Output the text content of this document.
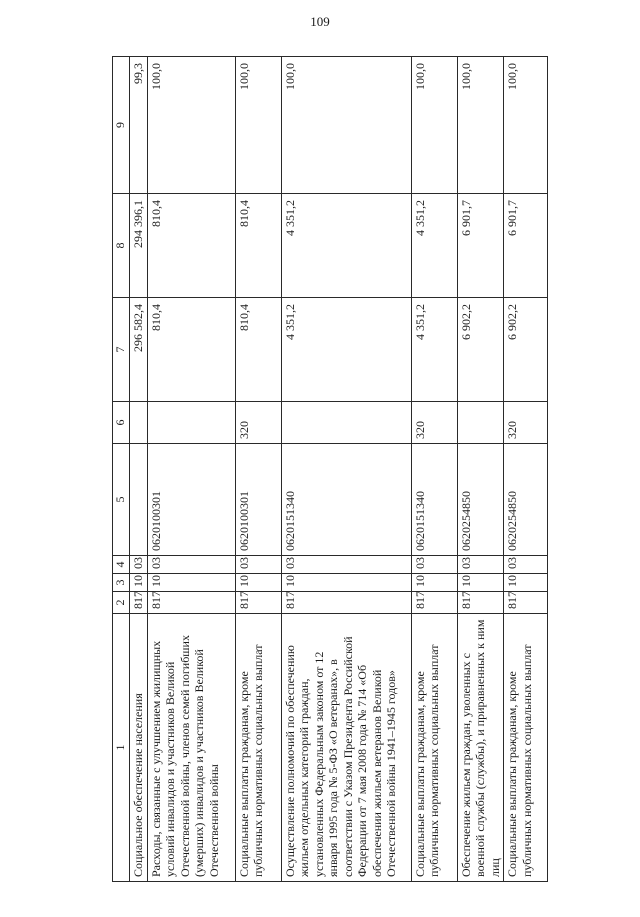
109
1	2	3	4	5	6	7	8	9
Социальное обеспечение населения	817	10	03			296 582,4	294 396,1	99,3
Расходы, связанные с улучшением жилищных условий инвалидов и участников Великой Отечественной войны, членов семей погибших (умерших) инвалидов и участников Великой Отечественной войны	817	10	03	0620100301		810,4	810,4	100,0
Социальные выплаты гражданам, кроме публичных нормативных социальных выплат	817	10	03	0620100301	320	810,4	810,4	100,0
Осуществление полномочий по обеспечению жильем отдельных категорий граждан, установленных Федеральным законом от 12 января 1995 года № 5-ФЗ «О ветеранах», в соответствии с Указом Президента Российской Федерации от 7 мая 2008 года № 714 «Об обеспечении жильем ветеранов Великой Отечественной войны 1941–1945 годов»	817	10	03	0620151340		4 351,2	4 351,2	100,0
Социальные выплаты гражданам, кроме публичных нормативных социальных выплат	817	10	03	0620151340	320	4 351,2	4 351,2	100,0
Обеспечение жильем граждан, уволенных с военной службы (службы), и приравненных к ним лиц	817	10	03	0620254850		6 902,2	6 901,7	100,0
Социальные выплаты гражданам, кроме публичных нормативных социальных выплат	817	10	03	0620254850	320	6 902,2	6 901,7	100,0
